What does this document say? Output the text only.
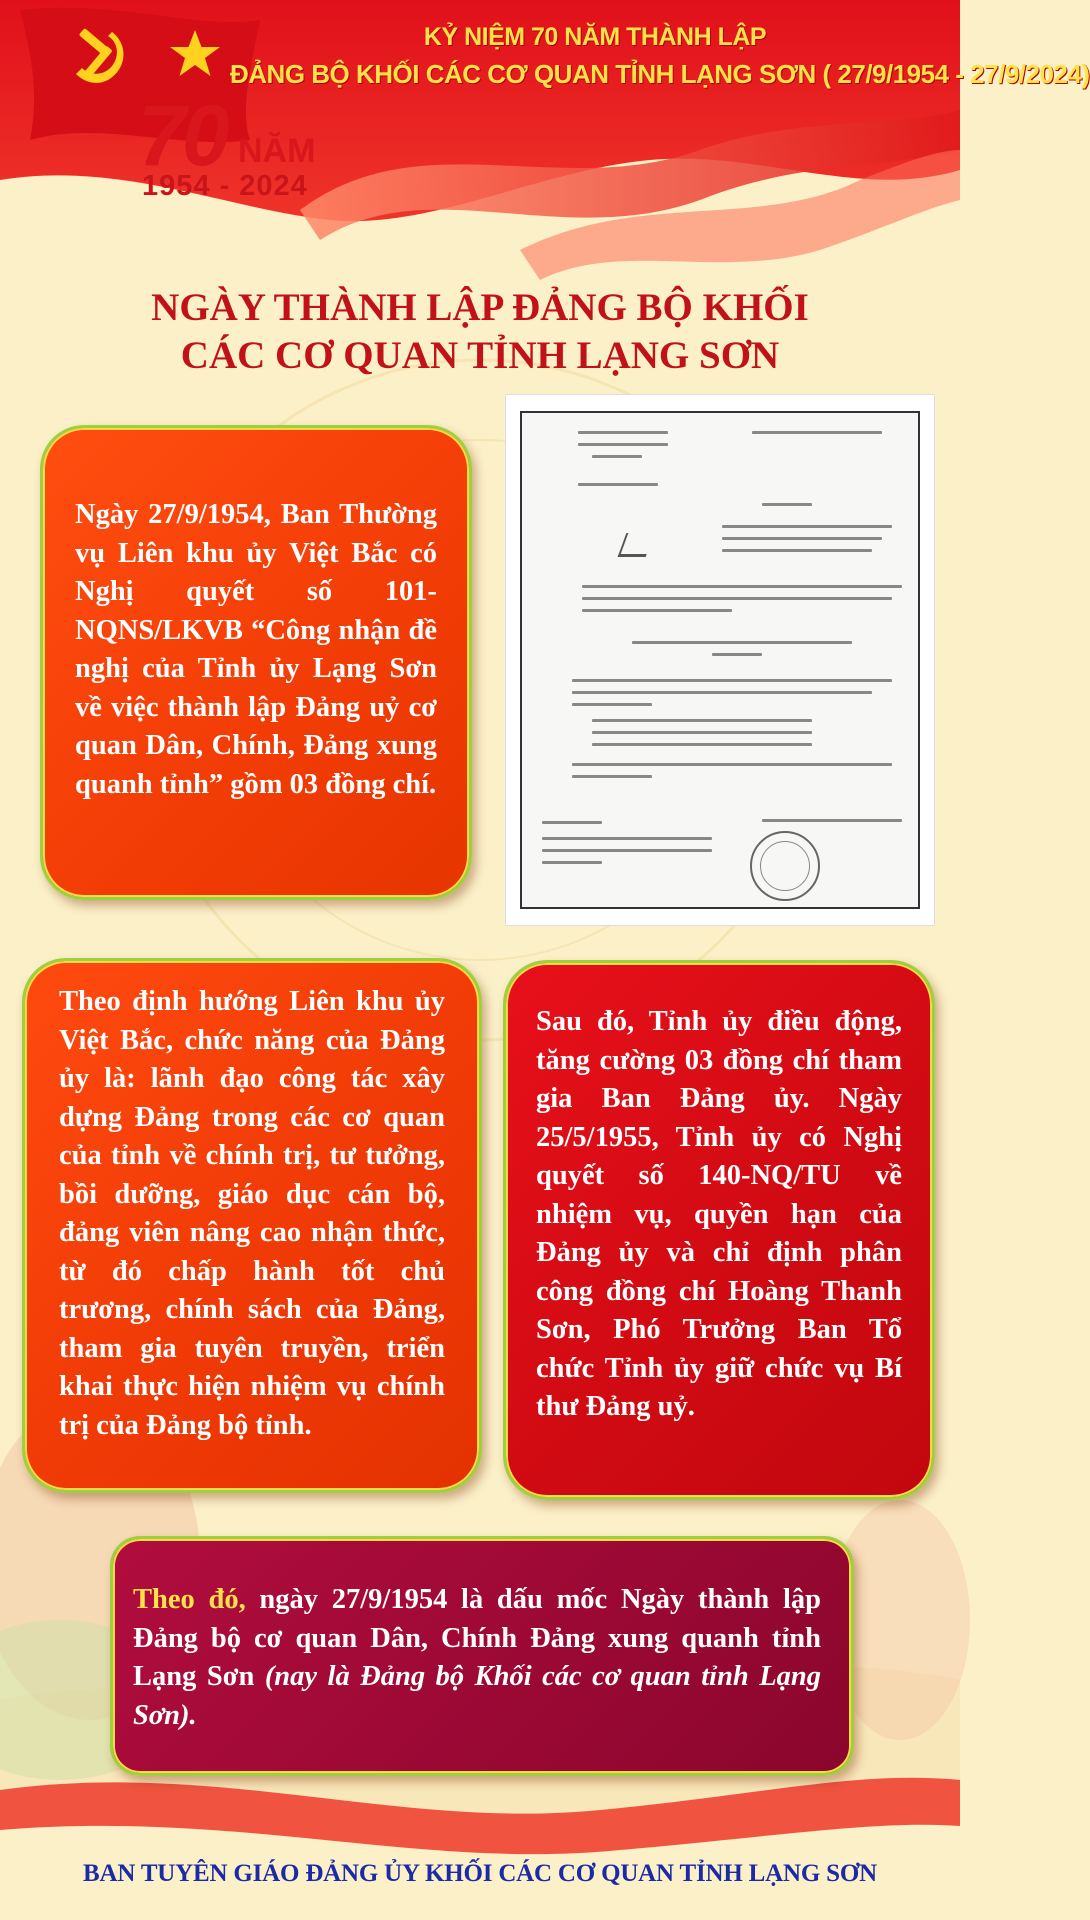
KỶ NIỆM 70 NĂM THÀNH LẬP
ĐẢNG BỘ KHỐI CÁC CƠ QUAN TỈNH LẠNG SƠN ( 27/9/1954 - 27/9/2024)
70 NĂM
1954 - 2024
NGÀY THÀNH LẬP ĐẢNG BỘ KHỐI
CÁC CƠ QUAN TỈNH LẠNG SƠN
Ngày 27/9/1954, Ban Thường vụ Liên khu ủy Việt Bắc có Nghị quyết số 101-NQNS/LKVB “Công nhận đề nghị của Tỉnh ủy Lạng Sơn về việc thành lập Đảng uỷ cơ quan Dân, Chính, Đảng xung quanh tỉnh” gồm 03 đồng chí.
Theo định hướng Liên khu ủy Việt Bắc, chức năng của Đảng ủy là: lãnh đạo công tác xây dựng Đảng trong các cơ quan của tỉnh về chính trị, tư tưởng, bồi dưỡng, giáo dục cán bộ, đảng viên nâng cao nhận thức, từ đó chấp hành tốt chủ trương, chính sách của Đảng, tham gia tuyên truyền, triển khai thực hiện nhiệm vụ chính trị của Đảng bộ tỉnh.
Sau đó, Tỉnh ủy điều động, tăng cường 03 đồng chí tham gia Ban Đảng ủy. Ngày 25/5/1955, Tỉnh ủy có Nghị quyết số 140-NQ/TU về nhiệm vụ, quyền hạn của Đảng ủy và chỉ định phân công đồng chí Hoàng Thanh Sơn, Phó Trưởng Ban Tổ chức Tỉnh ủy giữ chức vụ Bí thư Đảng uỷ.
Theo đó, ngày 27/9/1954 là dấu mốc Ngày thành lập Đảng bộ cơ quan Dân, Chính Đảng xung quanh tỉnh Lạng Sơn (nay là Đảng bộ Khối các cơ quan tỉnh Lạng Sơn).
BAN TUYÊN GIÁO ĐẢNG ỦY KHỐI CÁC CƠ QUAN TỈNH LẠNG SƠN
